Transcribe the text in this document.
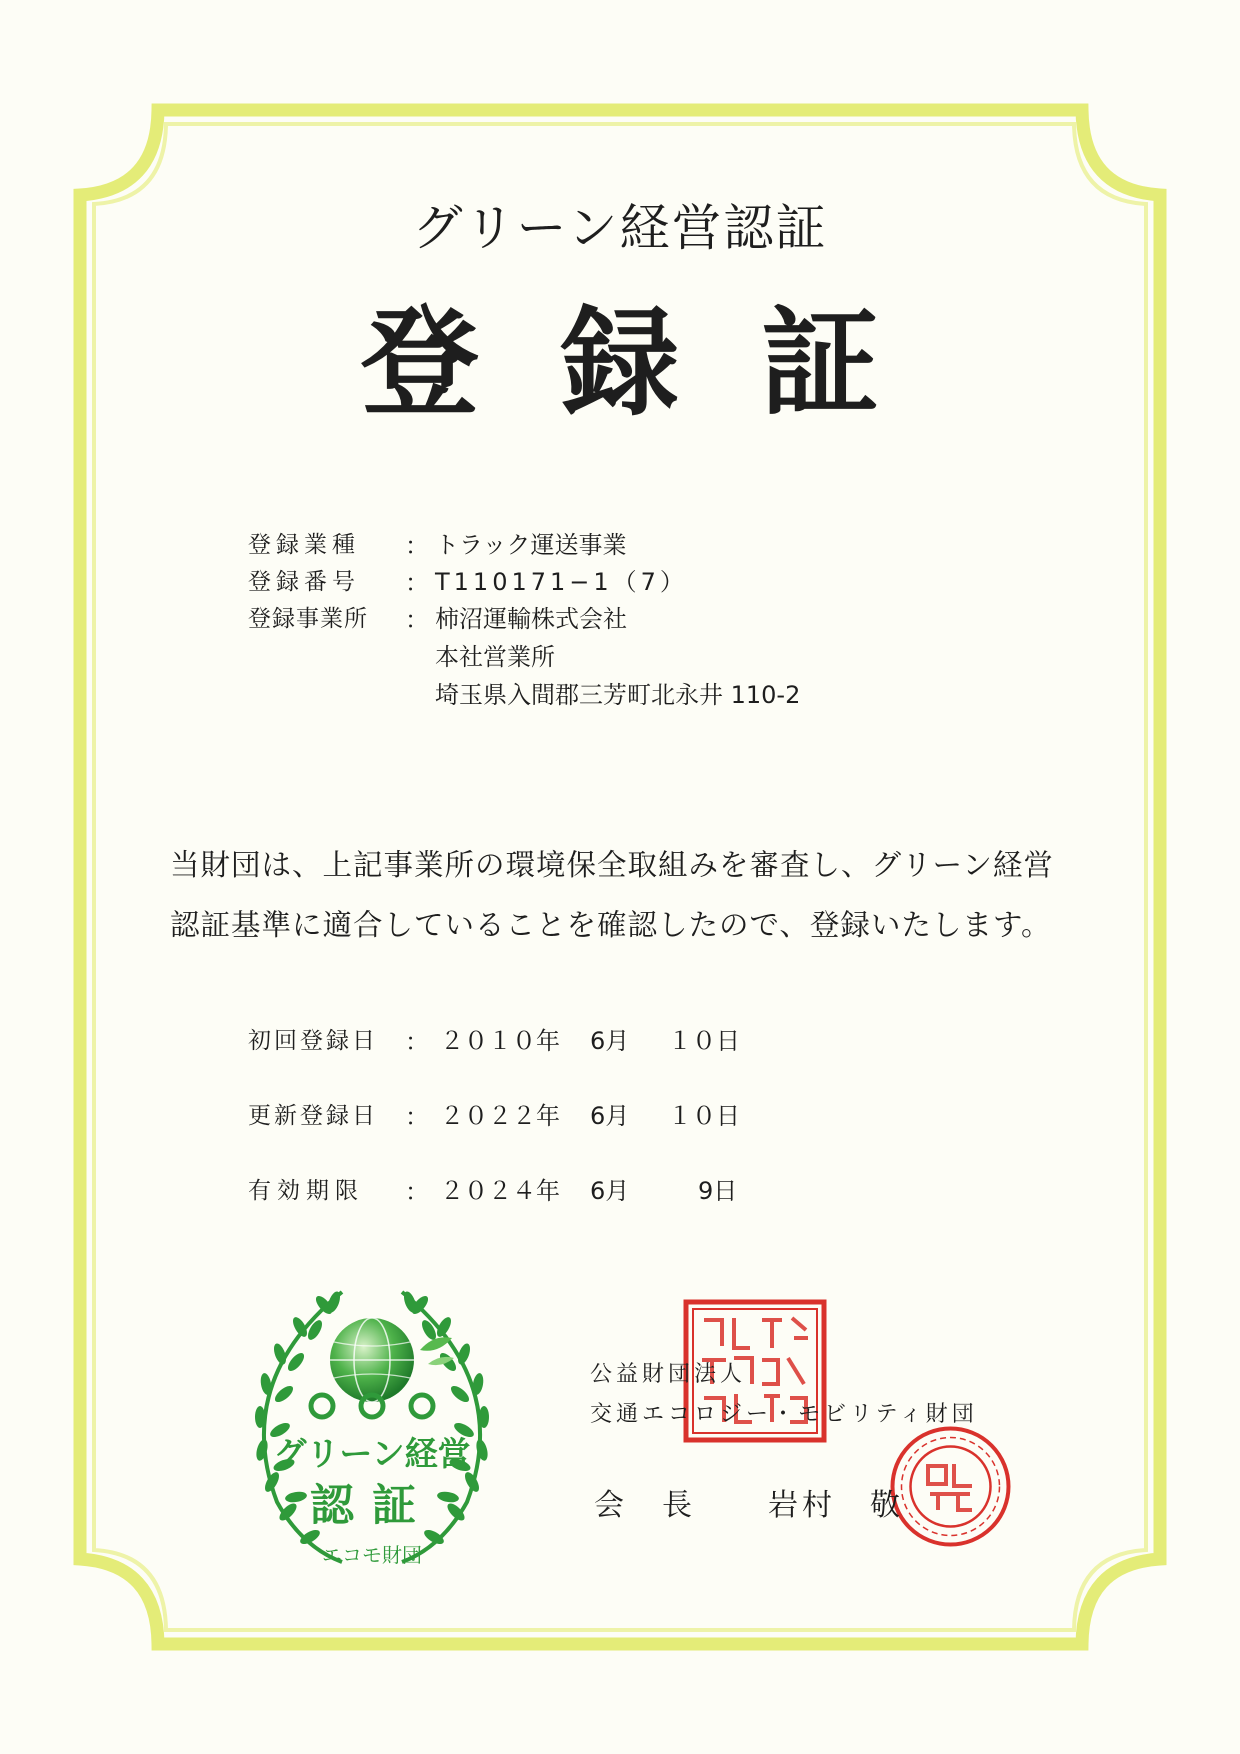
グリーン経営認証
登録証
登録業種 ： トラック運送事業
登録番号 ： T110171−1（7）
登録事業所 ： 柿沼運輸株式会社
本社営業所
埼玉県入間郡三芳町北永井 110-2
当財団は、上記事業所の環境保全取組みを審査し、グリーン経営
認証基準に適合していることを確認したので、登録いたします。
初回登録日 ： ２０１０年 6月 １０日
更新登録日 ： ２０２２年 6月 １０日
有効期限 ： ２０２４年 6月	9日
グリーン経営
認証
エコモ財団
公益財団法人
交通エコロジー・モビリティ財団
会　長 岩村　敬
